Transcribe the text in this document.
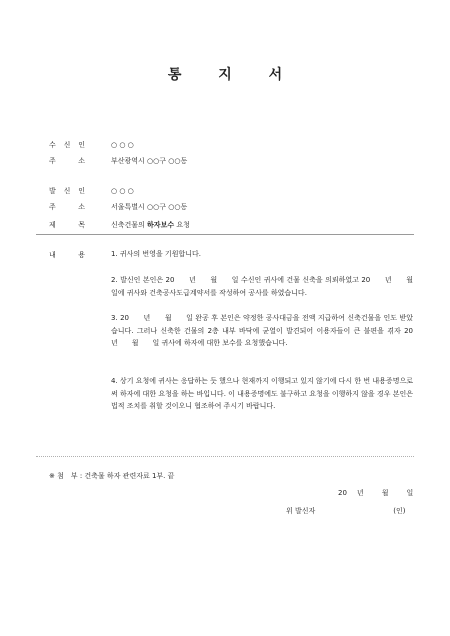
통 지 서
수 신 인	○ ○ ○
주	소	부산광역시 ○○구 ○○동
발 신 인	○ ○ ○
주	소	서울특별시 ○○구 ○○동
제	목	신축건물의 하자보수 요청
내	용	1. 귀사의 번영을 기원합니다.
2. 발신인 본인은 20　　년　　월　　일 수신인 귀사에 건물 신축을 의뢰하였고 20　　년　　월　　일에 귀사와 건축공사도급계약서를 작성하여 공사를 하였습니다.
3. 20　　년　　월　　일 완공 후 본인은 약정한 공사대금을 전액 지급하여 신축건물을 인도 받았습니다. 그러나 신축한 건물의 2층 내부 바닥에 균열이 발견되어 이용자들이 큰 불편을 겪자 20　　년　　월　　일 귀사에 하자에 대한 보수를 요청했습니다.
4. 상기 요청에 귀사는 응답하는 듯 했으나 현재까지 이행되고 있지 않기에 다시 한 번 내용증명으로써 하자에 대한 요청을 하는 바입니다. 이 내용증명에도 불구하고 요청을 이행하지 않을 경우 본인은 법적 조치를 취할 것이오니 협조하여 주시기 바랍니다.
※ 첨　부 : 건축물 하자 관련자료 1부. 끝
20 년	월	일
위 발신자	(인)
